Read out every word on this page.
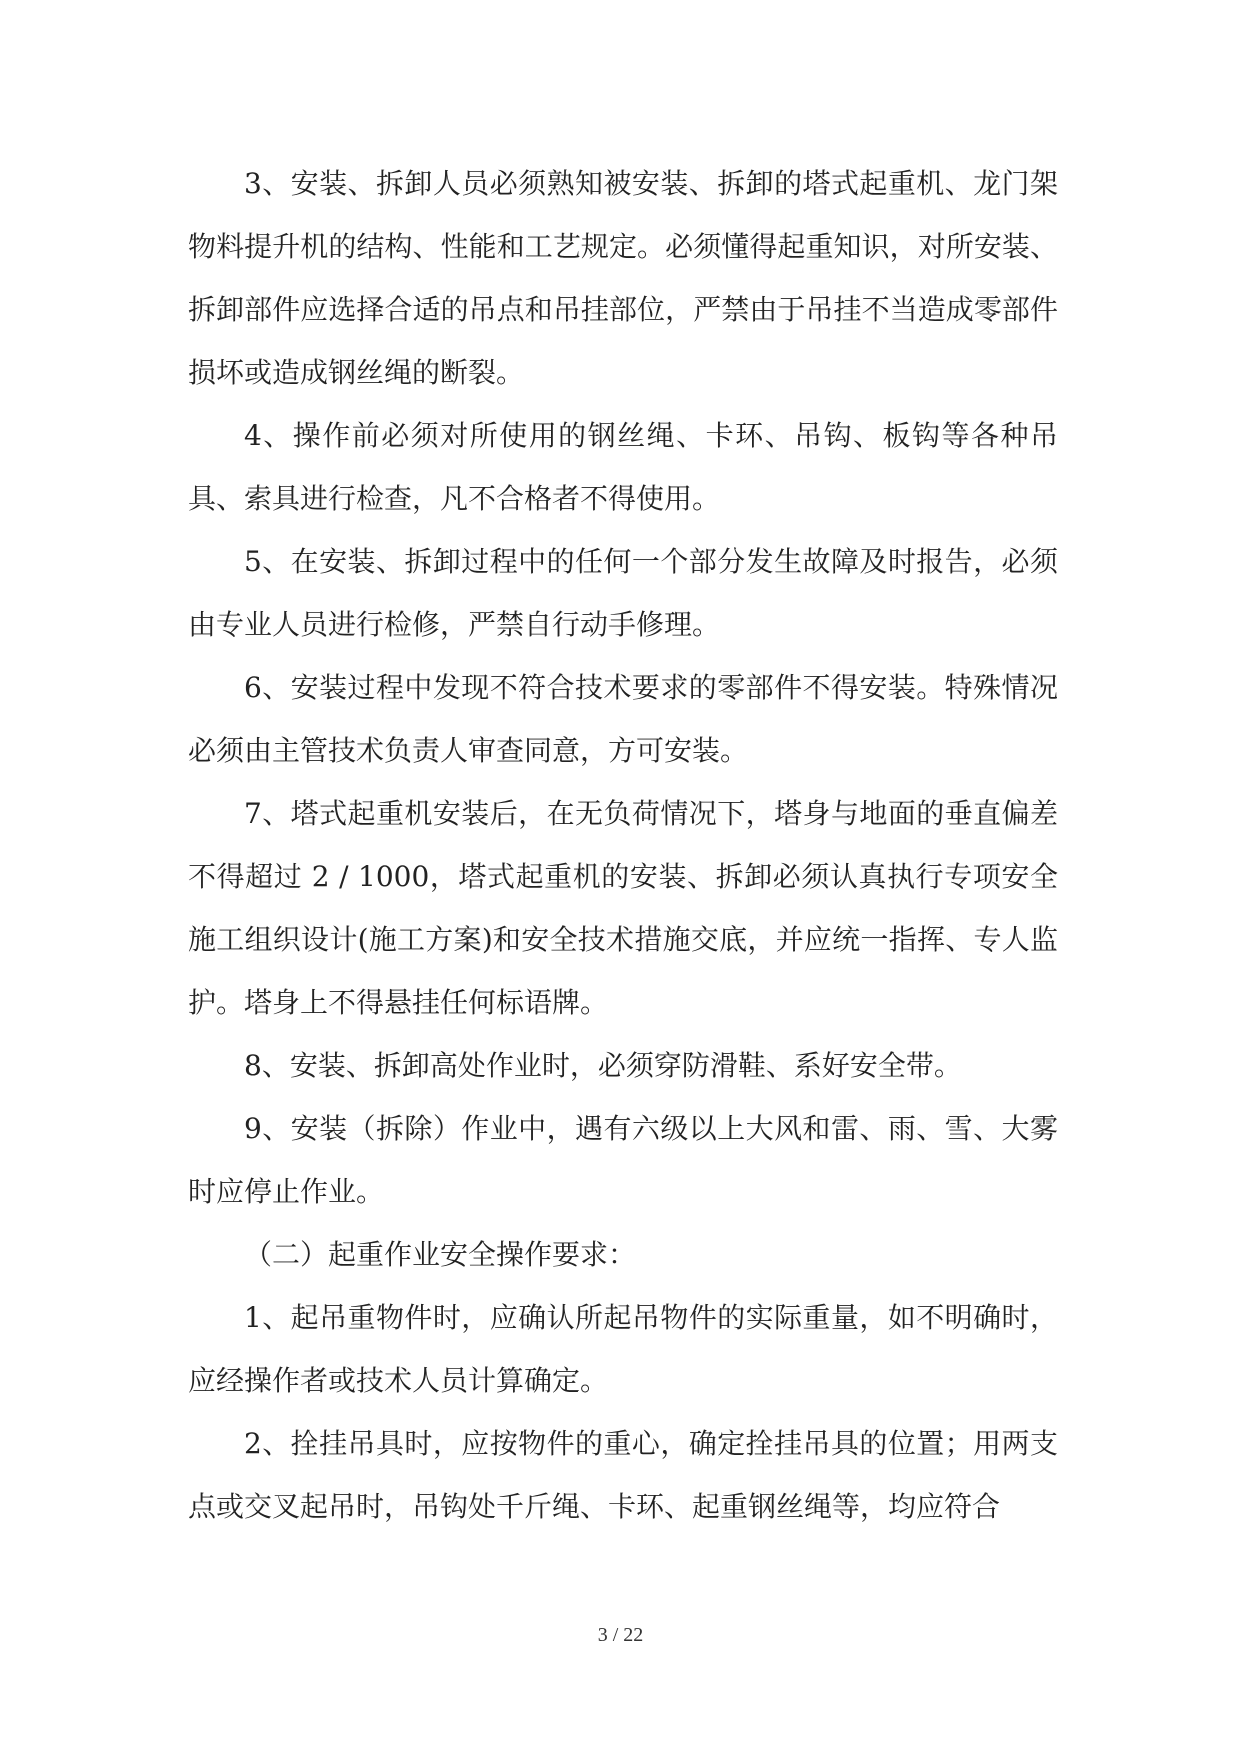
3、安装、拆卸人员必须熟知被安装、拆卸的塔式起重机、龙门架物料提升机的结构、性能和工艺规定。必须懂得起重知识，对所安装、拆卸部件应选择合适的吊点和吊挂部位，严禁由于吊挂不当造成零部件损坏或造成钢丝绳的断裂。

4、操作前必须对所使用的钢丝绳、卡环、吊钩、板钩等各种吊具、索具进行检查，凡不合格者不得使用。

5、在安装、拆卸过程中的任何一个部分发生故障及时报告，必须由专业人员进行检修，严禁自行动手修理。

6、安装过程中发现不符合技术要求的零部件不得安装。特殊情况必须由主管技术负责人审查同意，方可安装。

7、塔式起重机安装后，在无负荷情况下，塔身与地面的垂直偏差不得超过 2 / 1000，塔式起重机的安装、拆卸必须认真执行专项安全施工组织设计(施工方案)和安全技术措施交底，并应统一指挥、专人监护。塔身上不得悬挂任何标语牌。

8、安装、拆卸高处作业时，必须穿防滑鞋、系好安全带。

9、安装（拆除）作业中，遇有六级以上大风和雷、雨、雪、大雾时应停止作业。

（二）起重作业安全操作要求：

1、起吊重物件时，应确认所起吊物件的实际重量，如不明确时，应经操作者或技术人员计算确定。

2、拴挂吊具时，应按物件的重心，确定拴挂吊具的位置；用两支点或交叉起吊时，吊钩处千斤绳、卡环、起重钢丝绳等，均应符合

3 / 22
